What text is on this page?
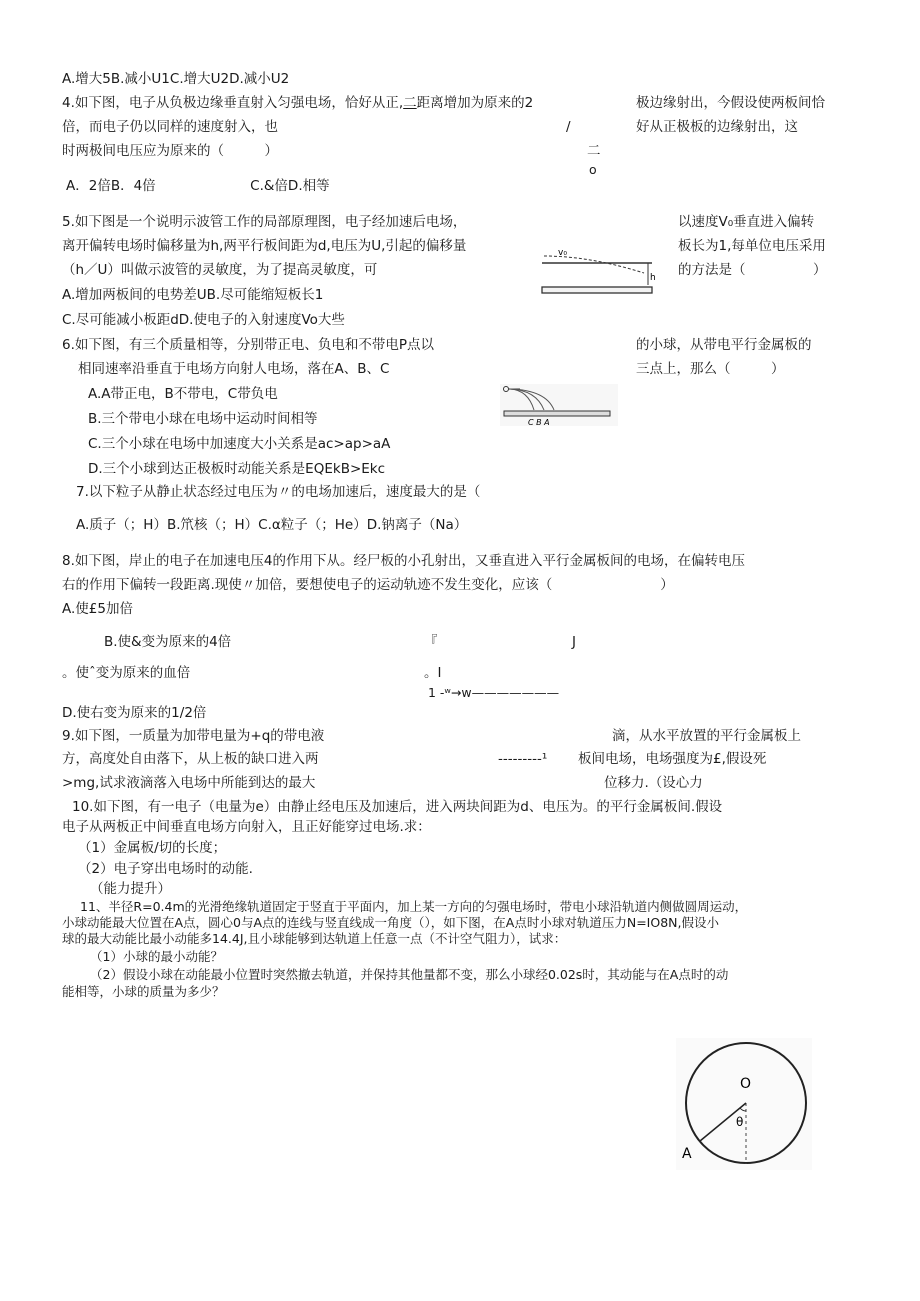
A.增大5B.减小U1C.增大U2D.减小U2
4.如下图，电子从负极边缘垂直射入匀强电场，恰好从正,二距离增加为原来的2	极边缘射出，今假设使两板间恰
倍，而电子仍以同样的速度射入，也	/	好从正极板的边缘射出，这
时两极间电压应为原来的（　　　）	二
o
A．2倍B．4倍　　　　　　　C.&倍D.相等
5.如下图是一个说明示波管工作的局部原理图，电子经加速后电场，	以速度V₀垂直进入偏转
离开偏转电场时偏移量为h,两平行板间距为d,电压为U,引起的偏移量	板长为1,每单位电压采用
（h／U）叫做示波管的灵敏度，为了提高灵敏度，可	的方法是（　　　　　）
A.增加两板间的电势差UB.尽可能缩短板长1
C.尽可能减小板距dD.使电子的入射速度Vo大些
v₀
h
6.如下图，有三个质量相等，分别带正电、负电和不带电P点以	的小球，从带电平行金属板的
相同速率沿垂直于电场方向射人电场，落在A、B、C	三点上，那么（　　　）
A.A带正电，B不带电，C带负电
B.三个带电小球在电场中运动时间相等
C.三个小球在电场中加速度大小关系是ac>ap>aA
D.三个小球到达正极板时动能关系是EQEkB>Ekc
C B A
7.以下粒子从静止状态经过电压为〃的电场加速后，速度最大的是（
A.质子（；H）B.笊核（；H）C.α粒子（；He）D.钠离子（Na）
8.如下图，岸止的电子在加速电压4的作用下从。经尸板的小孔射出，又垂直进入平行金属板间的电场，在偏转电压
右的作用下偏转一段距离.现使〃加倍，要想使电子的运动轨迹不发生变化，应该（　　　　　　　　）
A.使£5加倍
B.使&变为原来的4倍	『	J
。使ˆ变为原来的血倍	。I
1 -ʷ→w———————
D.使右变为原来的1/2倍
9.如下图，一质量为加带电量为+q的带电液	滴，从水平放置的平行金属板上
方，高度处自由落下，从上板的缺口进入两	---------¹ 板间电场，电场强度为£,假设死
>mg,试求液滴落入电场中所能到达的最大	位移力.（设心力
10.如下图，有一电子（电量为e）由静止经电压及加速后，进入两块间距为d、电压为。的平行金属板间.假设
电子从两板正中间垂直电场方向射入，且正好能穿过电场.求：
（1）金属板/切的长度；
（2）电子穿出电场时的动能.
（能力提升）
11、半径R=0.4m的光滑绝缘轨道固定于竖直于平面内，加上某一方向的匀强电场时，带电小球沿轨道内侧做圆周运动，
小球动能最大位置在A点，圆心0与A点的连线与竖直线成一角度（），如下图，在A点时小球对轨道压力N=IO8N,假设小
球的最大动能比最小动能多14.4J,且小球能够到达轨道上任意一点（不计空气阻力），试求：
（1）小球的最小动能？
（2）假设小球在动能最小位置时突然撤去轨道，并保持其他量都不变，那么小球经0.02s时，其动能与在A点时的动
能相等，小球的质量为多少？
O
θ
A
